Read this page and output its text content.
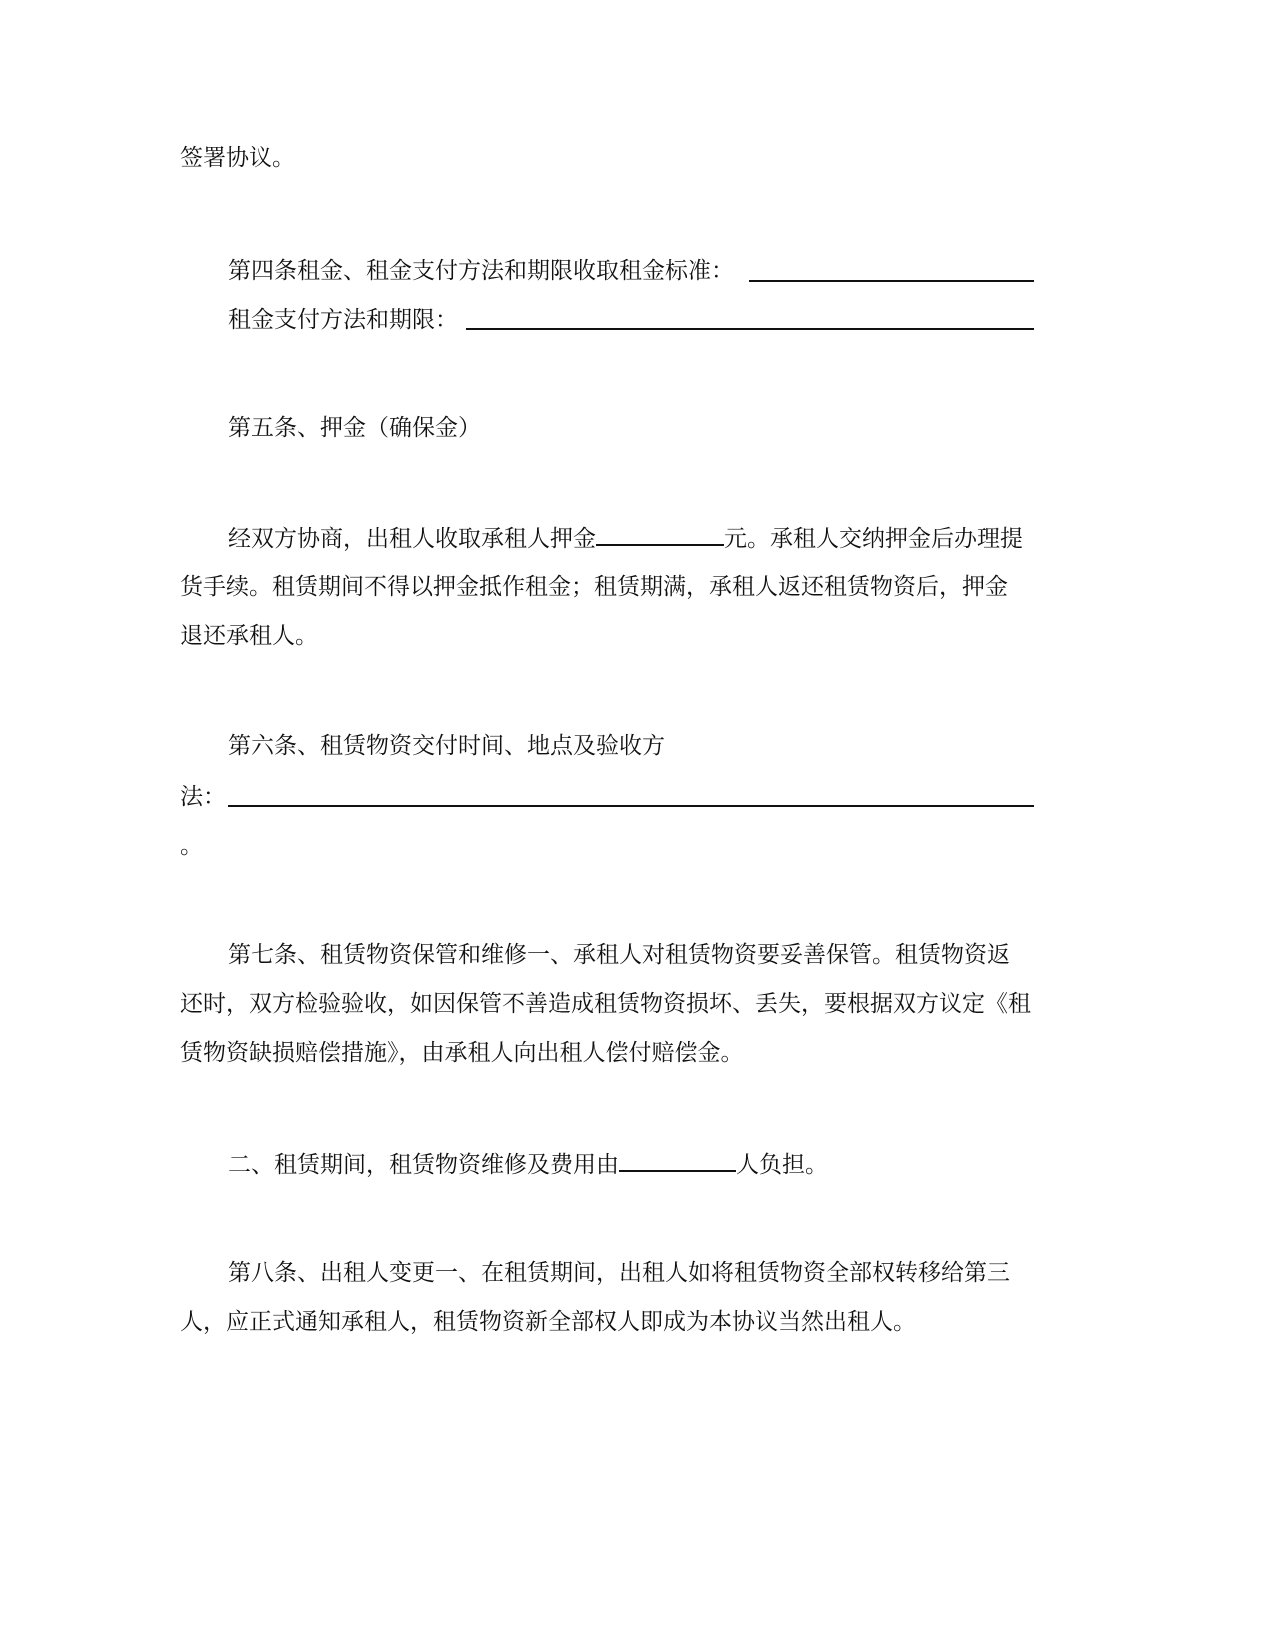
签署协议。
第四条租金、租金支付方法和期限收取租金标准：
租金支付方法和期限：
第五条、押金（确保金）
经双方协商，出租人收取承租人押金	元。承租人交纳押金后办理提
货手续。租赁期间不得以押金抵作租金；租赁期满，承租人返还租赁物资后，押金
退还承租人。
第六条、租赁物资交付时间、地点及验收方
法：
。
第七条、租赁物资保管和维修一、承租人对租赁物资要妥善保管。租赁物资返
还时，双方检验验收，如因保管不善造成租赁物资损坏、丢失，要根据双方议定《租
赁物资缺损赔偿措施》，由承租人向出租人偿付赔偿金。
二、租赁期间，租赁物资维修及费用由	人负担。
第八条、出租人变更一、在租赁期间，出租人如将租赁物资全部权转移给第三
人，应正式通知承租人，租赁物资新全部权人即成为本协议当然出租人。
